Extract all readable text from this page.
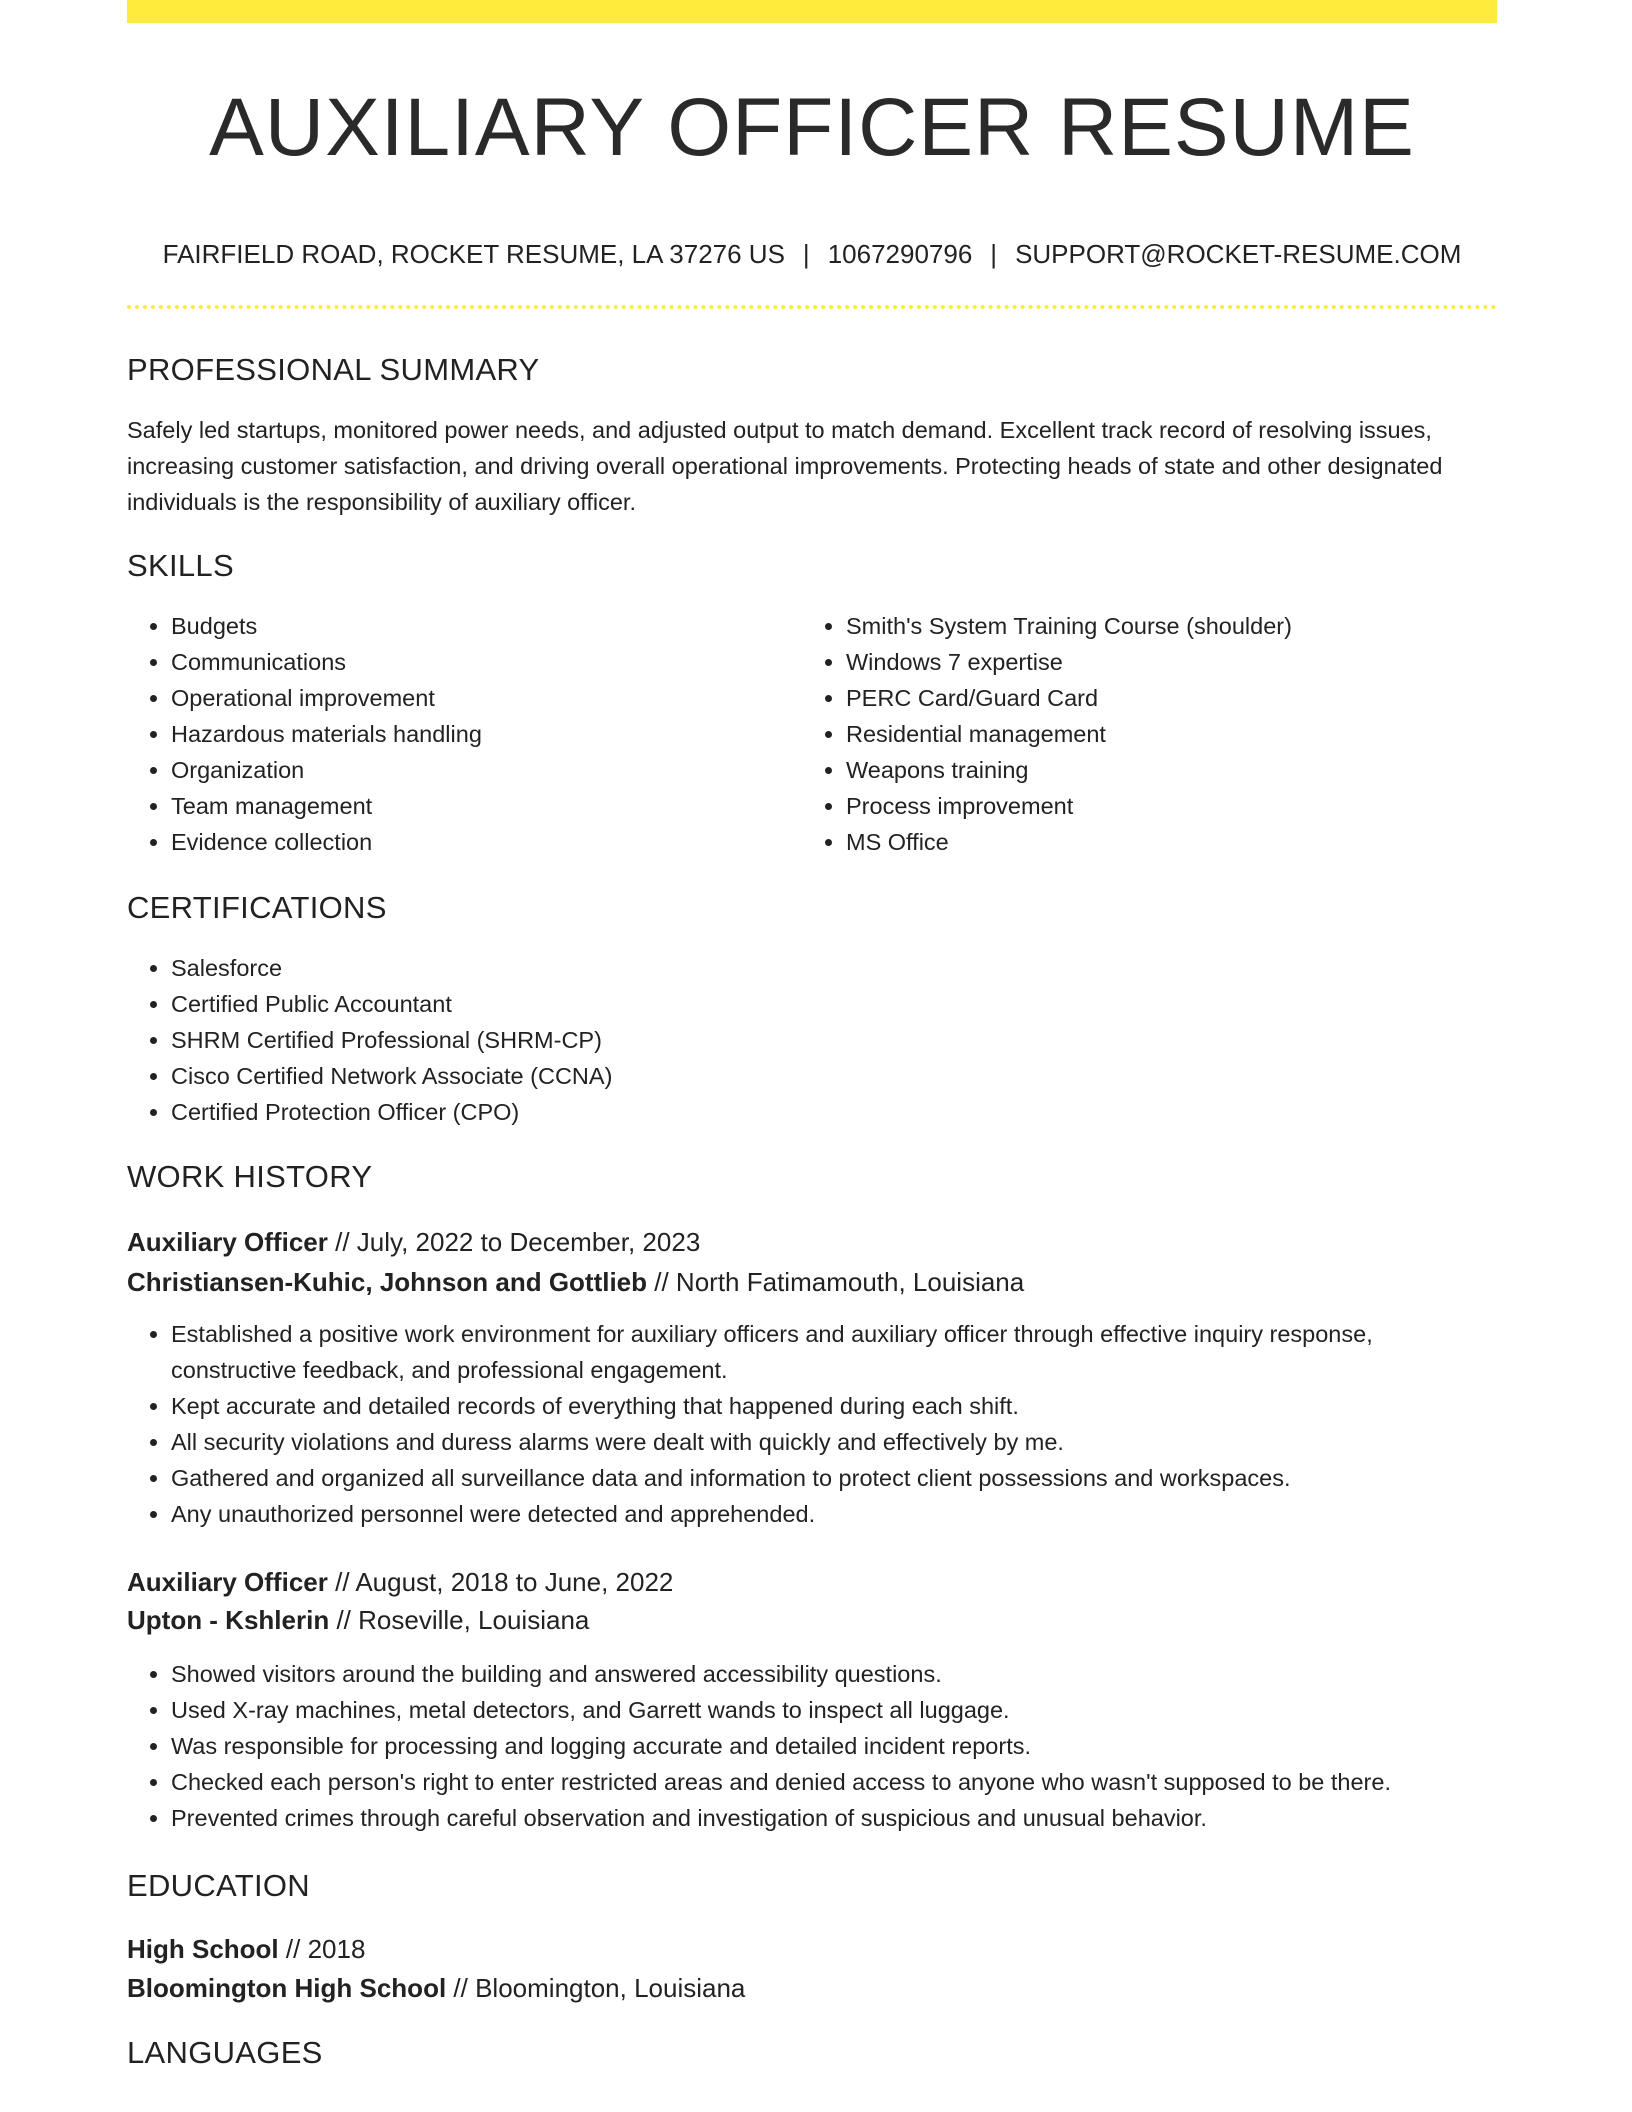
AUXILIARY OFFICER RESUME
FAIRFIELD ROAD, ROCKET RESUME, LA 37276 US | 1067290796 | SUPPORT@ROCKET-RESUME.COM
PROFESSIONAL SUMMARY
Safely led startups, monitored power needs, and adjusted output to match demand. Excellent track record of resolving issues, increasing customer satisfaction, and driving overall operational improvements. Protecting heads of state and other designated individuals is the responsibility of auxiliary officer.
SKILLS
• Budgets
• Communications
• Operational improvement
• Hazardous materials handling
• Organization
• Team management
• Evidence collection
• Smith's System Training Course (shoulder)
• Windows 7 expertise
• PERC Card/Guard Card
• Residential management
• Weapons training
• Process improvement
• MS Office
CERTIFICATIONS
• Salesforce
• Certified Public Accountant
• SHRM Certified Professional (SHRM-CP)
• Cisco Certified Network Associate (CCNA)
• Certified Protection Officer (CPO)
WORK HISTORY
Auxiliary Officer // July, 2022 to December, 2023
Christiansen-Kuhic, Johnson and Gottlieb // North Fatimamouth, Louisiana
• Established a positive work environment for auxiliary officers and auxiliary officer through effective inquiry response, constructive feedback, and professional engagement.
• Kept accurate and detailed records of everything that happened during each shift.
• All security violations and duress alarms were dealt with quickly and effectively by me.
• Gathered and organized all surveillance data and information to protect client possessions and workspaces.
• Any unauthorized personnel were detected and apprehended.
Auxiliary Officer // August, 2018 to June, 2022
Upton - Kshlerin // Roseville, Louisiana
• Showed visitors around the building and answered accessibility questions.
• Used X-ray machines, metal detectors, and Garrett wands to inspect all luggage.
• Was responsible for processing and logging accurate and detailed incident reports.
• Checked each person's right to enter restricted areas and denied access to anyone who wasn't supposed to be there.
• Prevented crimes through careful observation and investigation of suspicious and unusual behavior.
EDUCATION
High School // 2018
Bloomington High School // Bloomington, Louisiana
LANGUAGES
